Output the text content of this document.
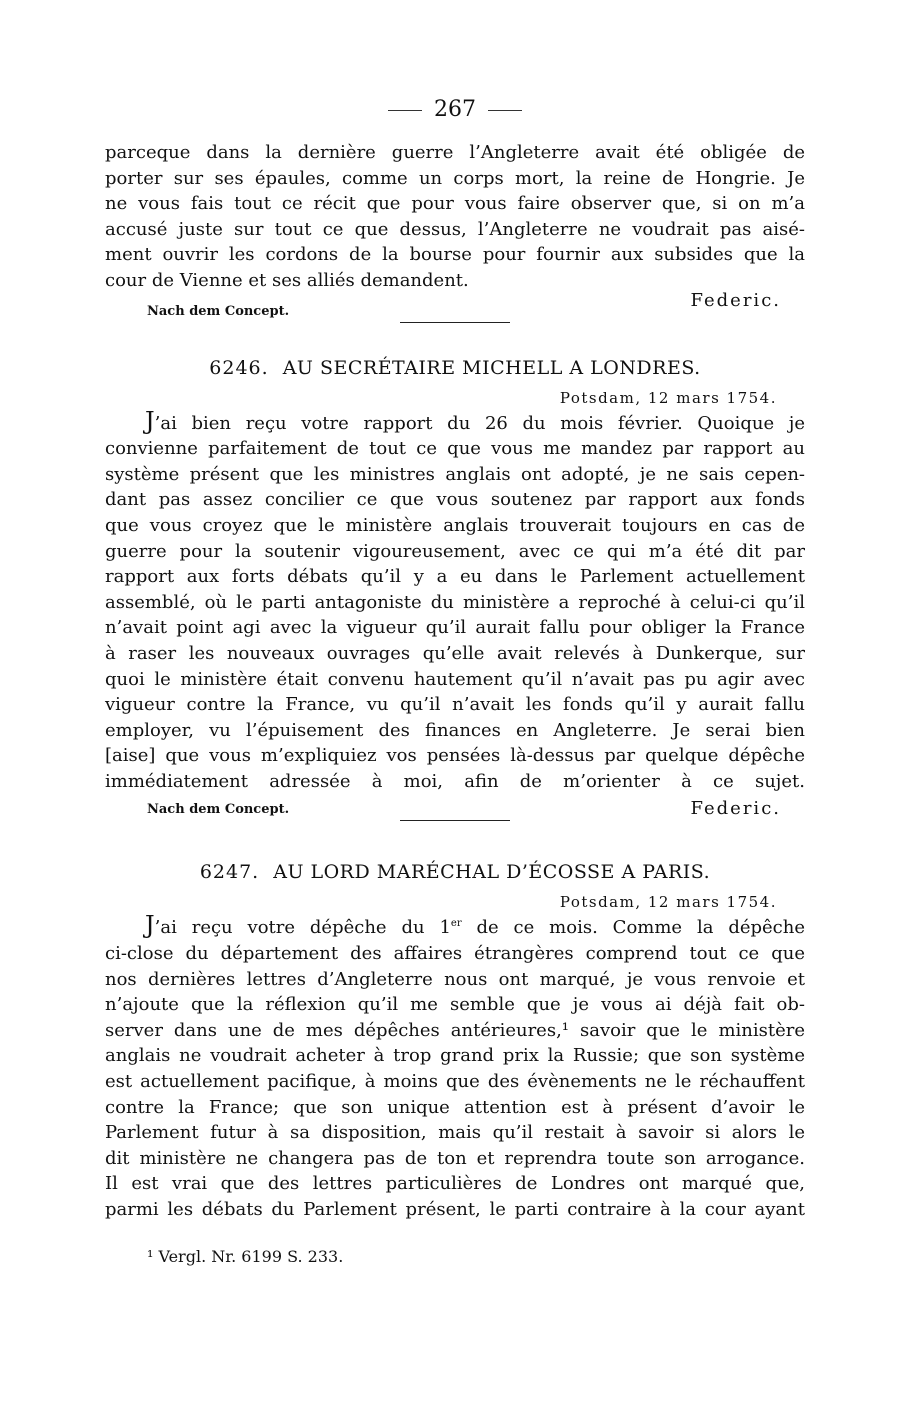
267
parceque dans la dernière guerre l’Angleterre avait été obligée de
porter sur ses épaules, comme un corps mort, la reine de Hongrie. Je
ne vous fais tout ce récit que pour vous faire observer que, si on m’a
accusé juste sur tout ce que dessus, l’Angleterre ne voudrait pas aisé-
ment ouvrir les cordons de la bourse pour fournir aux subsides que la
cour de Vienne et ses alliés demandent.
Nach dem Concept.
Federic.
6246. AU SECRÉTAIRE MICHELL A LONDRES.
Potsdam, 12 mars 1754.
J’ai bien reçu votre rapport du 26 du mois février. Quoique je
convienne parfaitement de tout ce que vous me mandez par rapport au
système présent que les ministres anglais ont adopté, je ne sais cepen-
dant pas assez concilier ce que vous soutenez par rapport aux fonds
que vous croyez que le ministère anglais trouverait toujours en cas de
guerre pour la soutenir vigoureusement, avec ce qui m’a été dit par
rapport aux forts débats qu’il y a eu dans le Parlement actuellement
assemblé, où le parti antagoniste du ministère a reproché à celui-ci qu’il
n’avait point agi avec la vigueur qu’il aurait fallu pour obliger la France
à raser les nouveaux ouvrages qu’elle avait relevés à Dunkerque, sur
quoi le ministère était convenu hautement qu’il n’avait pas pu agir avec
vigueur contre la France, vu qu’il n’avait les fonds qu’il y aurait fallu
employer, vu l’épuisement des finances en Angleterre. Je serai bien
[aise] que vous m’expliquiez vos pensées là-dessus par quelque dépêche
immédiatement adressée à moi, afin de m’orienter à ce sujet.
Nach dem Concept.	Federic.
6247. AU LORD MARÉCHAL D’ÉCOSSE A PARIS.
Potsdam, 12 mars 1754.
J’ai reçu votre dépêche du 1er de ce mois. Comme la dépêche
ci-close du département des affaires étrangères comprend tout ce que
nos dernières lettres d’Angleterre nous ont marqué, je vous renvoie et
n’ajoute que la réflexion qu’il me semble que je vous ai déjà fait ob-
server dans une de mes dépêches antérieures,¹ savoir que le ministère
anglais ne voudrait acheter à trop grand prix la Russie; que son système
est actuellement pacifique, à moins que des évènements ne le réchauffent
contre la France; que son unique attention est à présent d’avoir le
Parlement futur à sa disposition, mais qu’il restait à savoir si alors le
dit ministère ne changera pas de ton et reprendra toute son arrogance.
Il est vrai que des lettres particulières de Londres ont marqué que,
parmi les débats du Parlement présent, le parti contraire à la cour ayant
¹ Vergl. Nr. 6199 S. 233.
